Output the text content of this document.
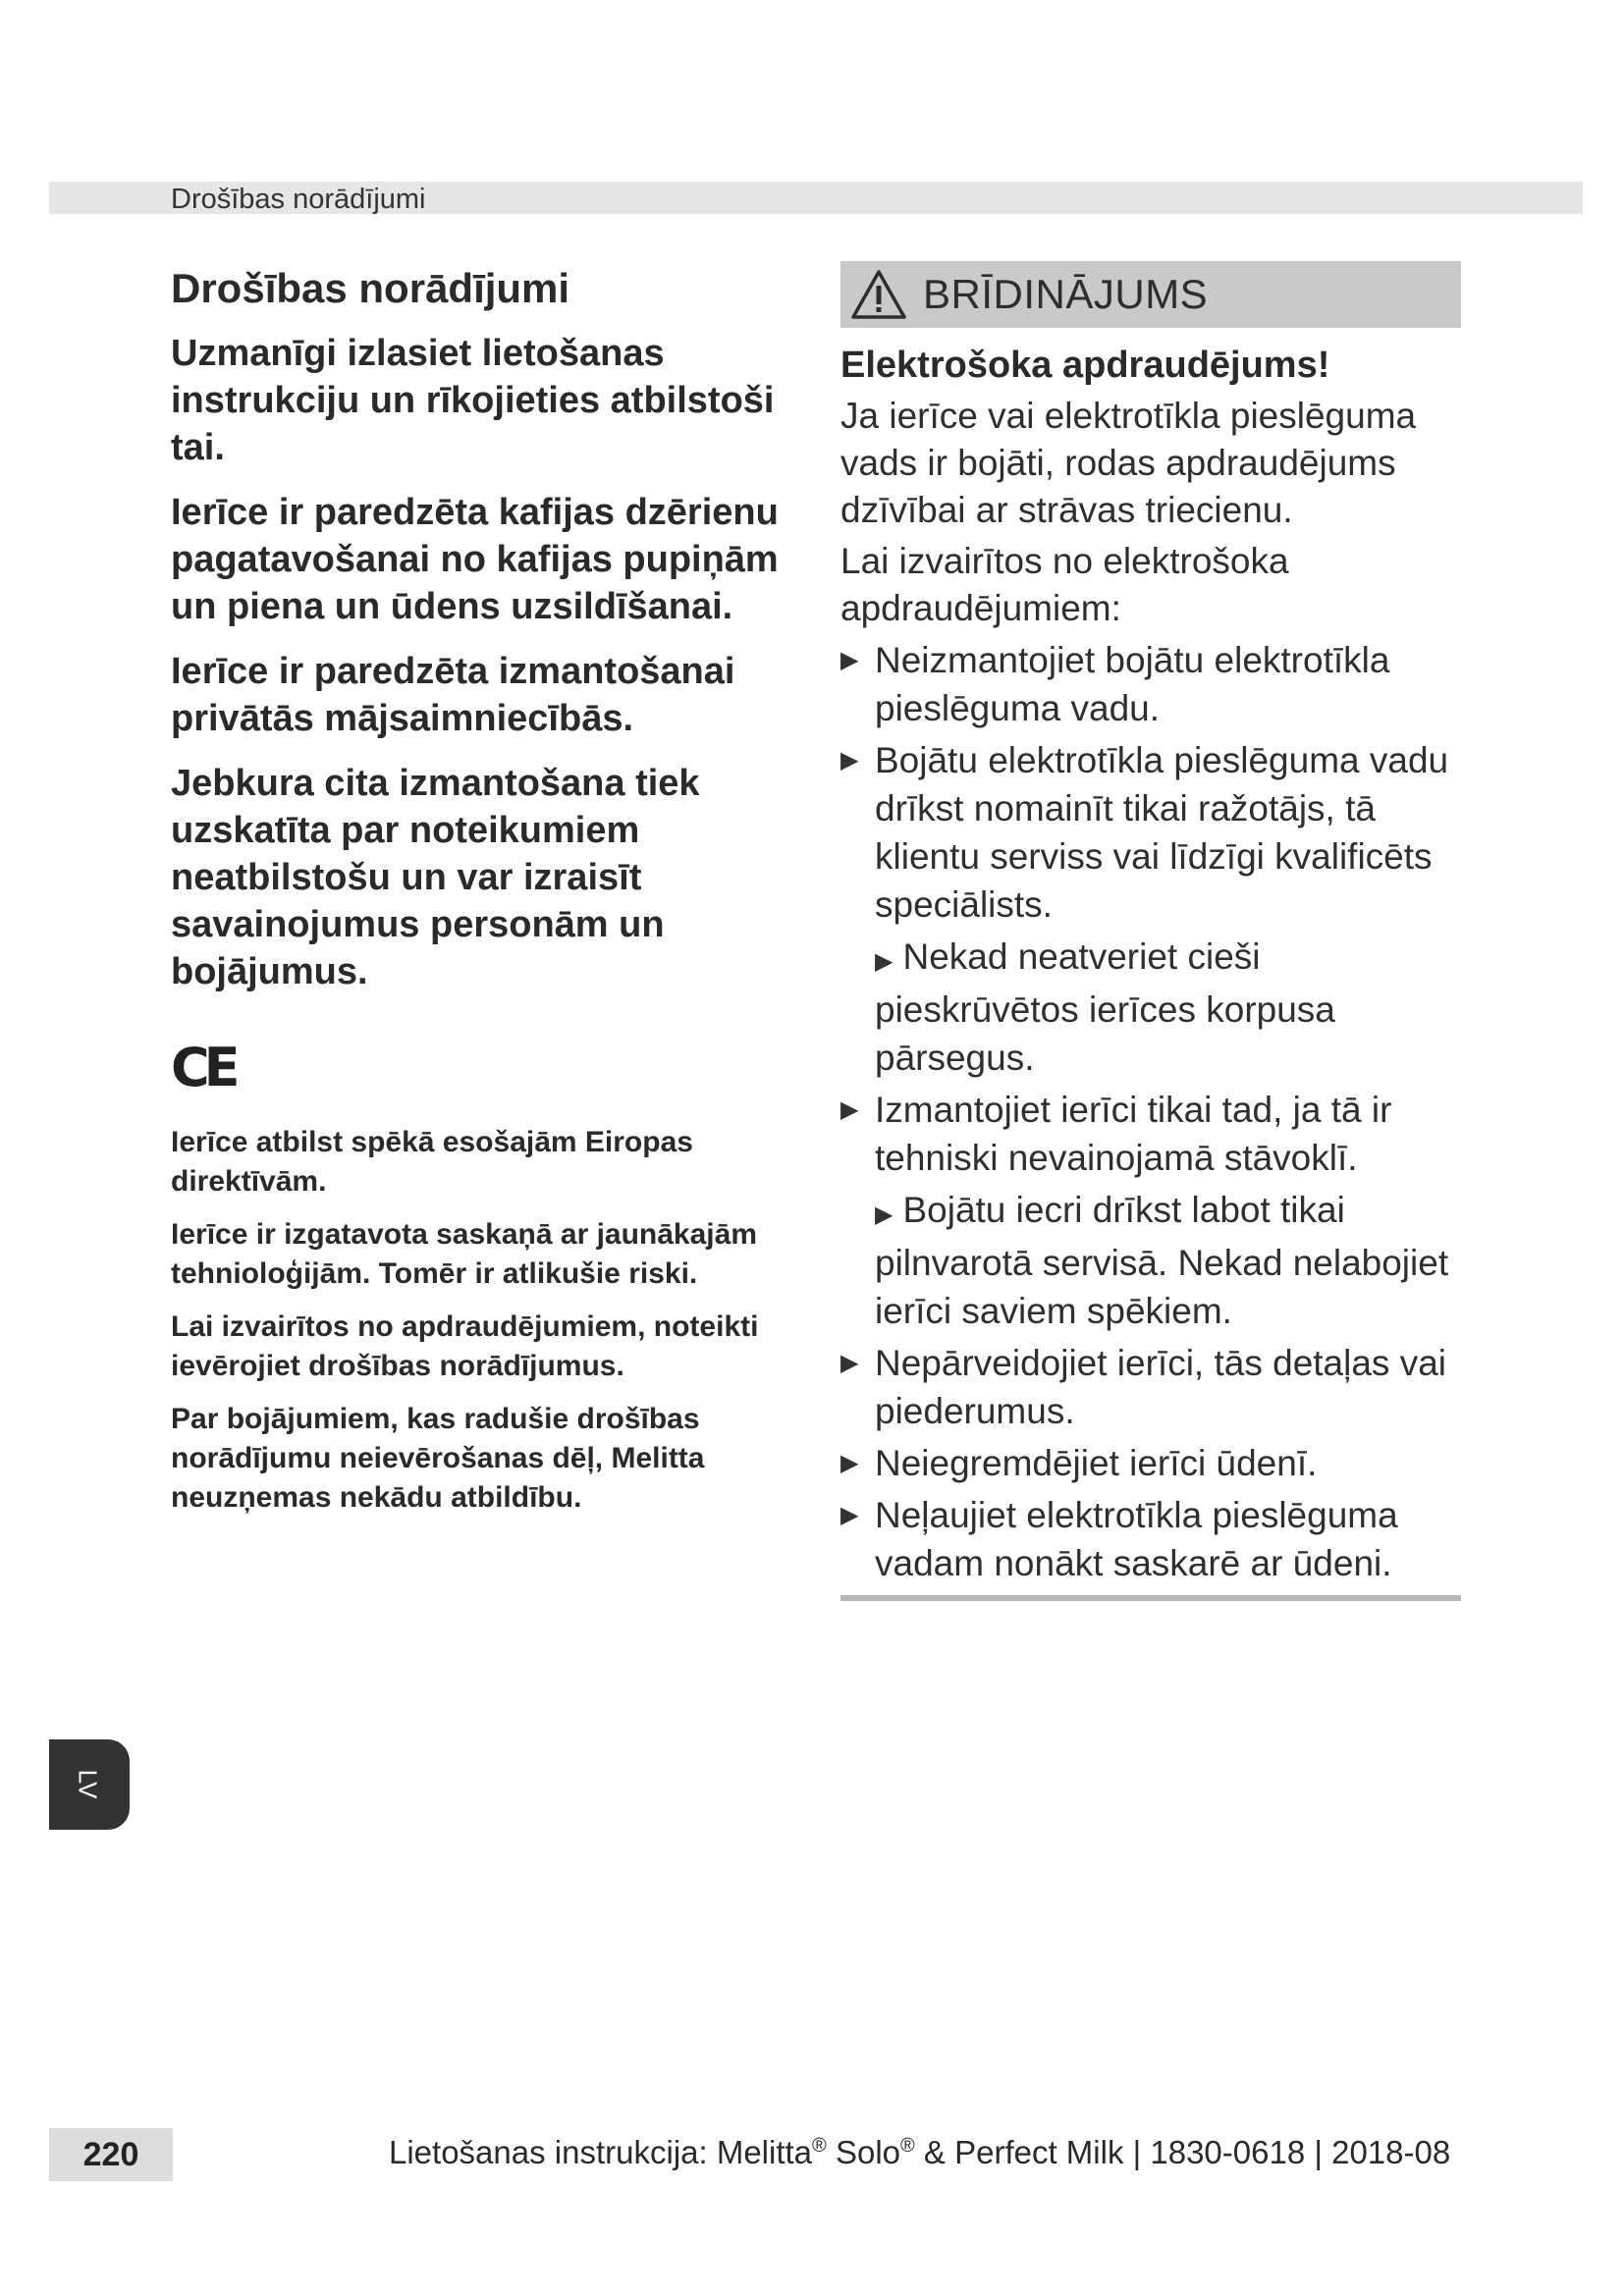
Drošības norādījumi
Drošības norādījumi

Uzmanīgi izlasiet lietošanas instrukciju un rīkojieties atbilstoši tai.

Ierīce ir paredzēta kafijas dzērienu pagatavošanai no kafijas pupiņām un piena un ūdens uzsildīšanai.

Ierīce ir paredzēta izmantošanai privātās mājsaimniecībās.

Jebkura cita izmantošana tiek uzskatīta par noteikumiem neatbilstošu un var izraisīt savainojumus personām un bojājumus.

CE

Ierīce atbilst spēkā esošajām Eiropas direktīvām.

Ierīce ir izgatavota saskaņā ar jaunākajām tehnioloģijām. Tomēr ir atlikušie riski.

Lai izvairītos no apdraudējumiem, noteikti ievērojiet drošības norādījumus.

Par bojājumiem, kas radušie drošības norādījumu neievērošanas dēļ, Melitta neuzņemas nekādu atbildību.

BRĪDINĀJUMS
Elektrošoka apdraudējums!

Ja ierīce vai elektrotīkla pieslēguma vads ir bojāti, rodas apdraudējums dzīvībai ar strāvas triecienu.

Lai izvairītos no elektrošoka apdraudējumiem:

▶ Neizmantojiet bojātu elektrotīkla pieslēguma vadu.
▶ Bojātu elektrotīkla pieslēguma vadu drīkst nomainīt tikai ražotājs, tā klientu serviss vai līdzīgi kvalificēts speciālists.
▶ Nekad neatveriet cieši pieskrūvētos ierīces korpusa pārsegus.
▶ Izmantojiet ierīci tikai tad, ja tā ir tehniski nevainojamā stāvoklī.
▶ Bojātu iecri drīkst labot tikai pilnvarotā servisā. Nekad nelabojiet ierīci saviem spēkiem.
▶ Nepārveidojiet ierīci, tās detaļas vai piederumus.
▶ Neiegremdējiet ierīci ūdenī.
▶ Neļaujiet elektrotīkla pieslēguma vadam nonākt saskarē ar ūdeni.
LV
220	Lietošanas instrukcija: Melitta® Solo® & Perfect Milk | 1830-0618 | 2018-08
